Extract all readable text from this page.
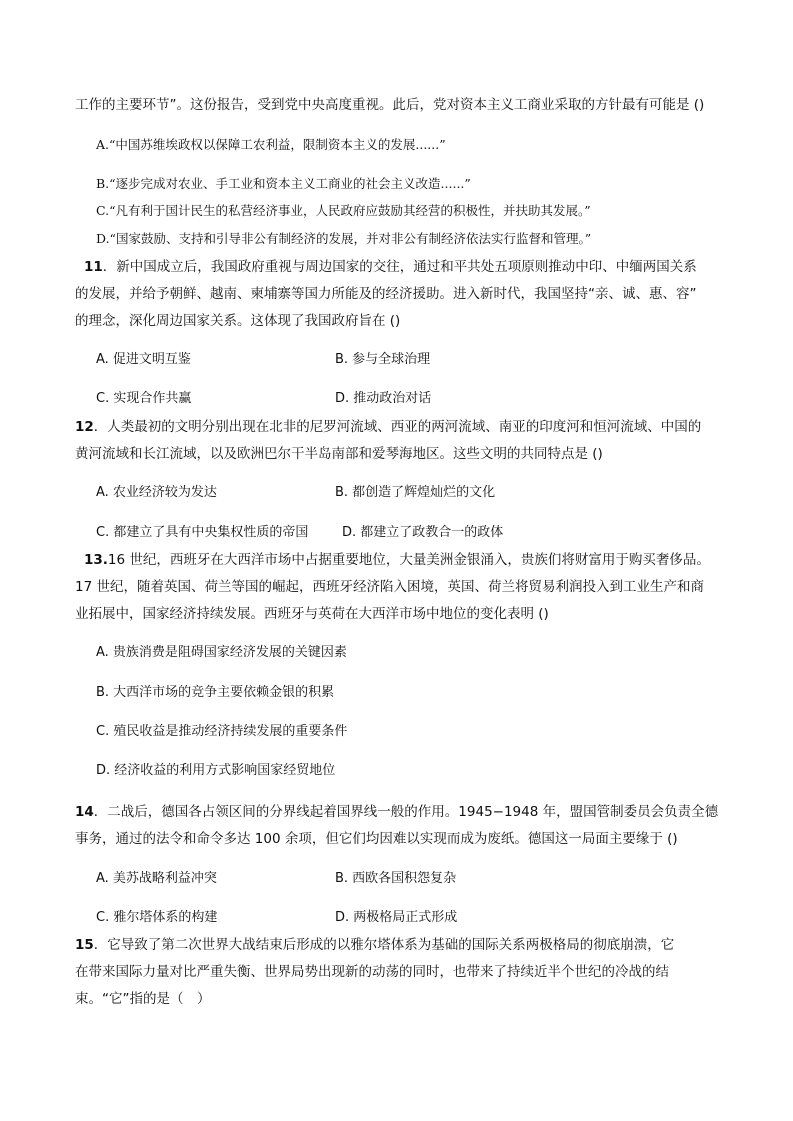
工作的主要环节”。这份报告，受到党中央高度重视。此后，党对资本主义工商业采取的方针最有可能是 ()
A.“中国苏维埃政权以保障工农利益，限制资本主义的发展......”
B.“逐步完成对农业、手工业和资本主义工商业的社会主义改造......”
C.“凡有利于国计民生的私营经济事业，人民政府应鼓励其经营的积极性，并扶助其发展。”
D.“国家鼓励、支持和引导非公有制经济的发展，并对非公有制经济依法实行监督和管理。”
11．新中国成立后，我国政府重视与周边国家的交往，通过和平共处五项原则推动中印、中缅两国关系
的发展，并给予朝鲜、越南、柬埔寨等国力所能及的经济援助。进入新时代，我国坚持“亲、诚、惠、容”
的理念，深化周边国家关系。这体现了我国政府旨在 ()
A. 促进文明互鉴	B. 参与全球治理
C. 实现合作共赢	D. 推动政治对话
12．人类最初的文明分别出现在北非的尼罗河流域、西亚的两河流域、南亚的印度河和恒河流域、中国的
黄河流域和长江流域，以及欧洲巴尔干半岛南部和爱琴海地区。这些文明的共同特点是 ()
A. 农业经济较为发达	B. 都创造了辉煌灿烂的文化
C. 都建立了具有中央集权性质的帝国	D. 都建立了政教合一的政体
13.16 世纪，西班牙在大西洋市场中占据重要地位，大量美洲金银涌入，贵族们将财富用于购买奢侈品。
17 世纪，随着英国、荷兰等国的崛起，西班牙经济陷入困境，英国、荷兰将贸易利润投入到工业生产和商
业拓展中，国家经济持续发展。西班牙与英荷在大西洋市场中地位的变化表明 ()
A. 贵族消费是阻碍国家经济发展的关键因素
B. 大西洋市场的竞争主要依赖金银的积累
C. 殖民收益是推动经济持续发展的重要条件
D. 经济收益的利用方式影响国家经贸地位
14．二战后，德国各占领区间的分界线起着国界线一般的作用。1945−1948 年，盟国管制委员会负责全德
事务，通过的法令和命令多达 100 余项，但它们均因难以实现而成为废纸。德国这一局面主要缘于 ()
A. 美苏战略利益冲突	B. 西欧各国积怨复杂
C. 雅尔塔体系的构建	D. 两极格局正式形成
15．它导致了第二次世界大战结束后形成的以雅尔塔体系为基础的国际关系两极格局的彻底崩溃，它
在带来国际力量对比严重失衡、世界局势出现新的动荡的同时，也带来了持续近半个世纪的冷战的结
束。“它”指的是（　）
